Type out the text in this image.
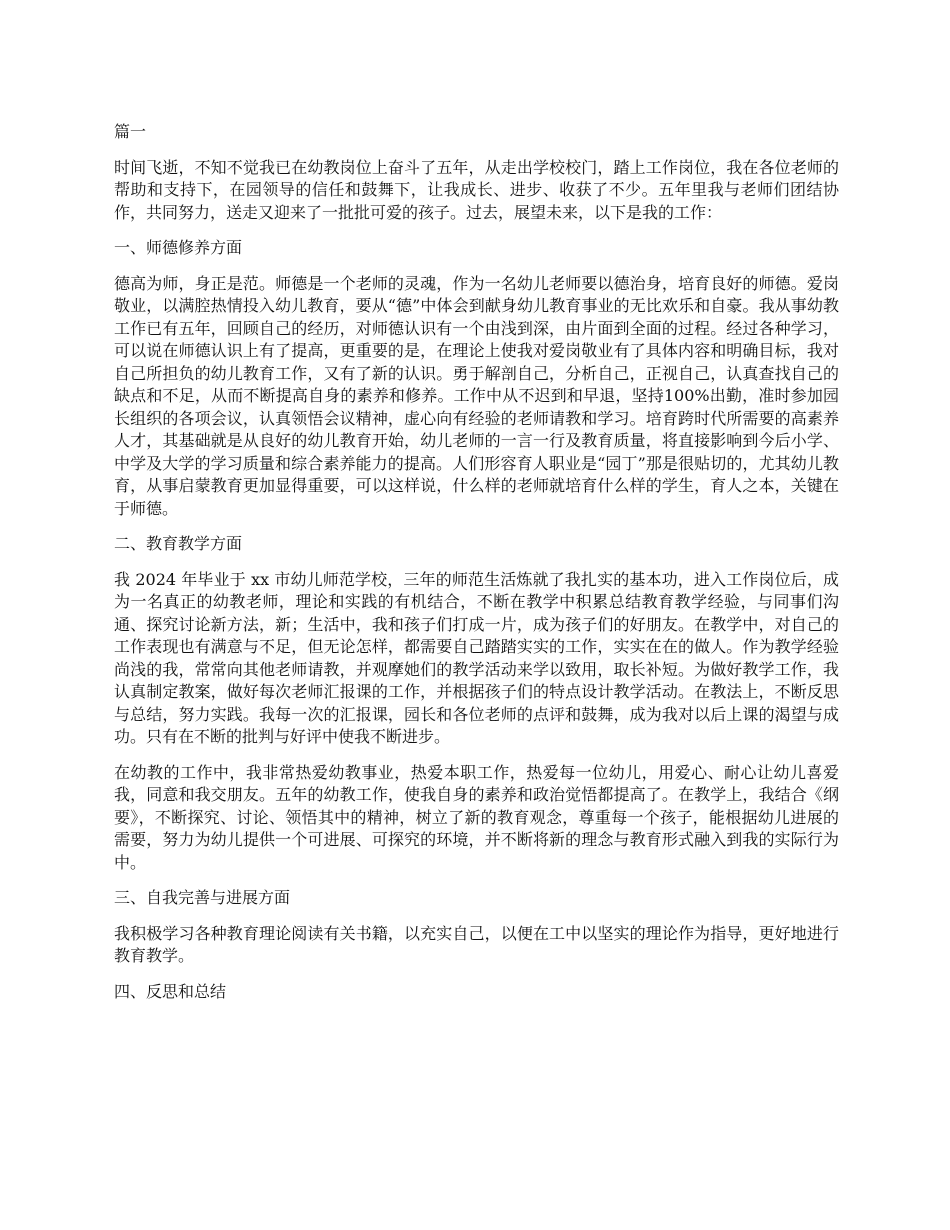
篇一
时间飞逝，不知不觉我已在幼教岗位上奋斗了五年，从走出学校校门，踏上工作岗位，我在各位老师的帮助和支持下，在园领导的信任和鼓舞下，让我成长、进步、收获了不少。五年里我与老师们团结协作，共同努力，送走又迎来了一批批可爱的孩子。过去，展望未来，以下是我的工作：
一、师德修养方面
德高为师，身正是范。师德是一个老师的灵魂，作为一名幼儿老师要以德治身，培育良好的师德。爱岗敬业，以满腔热情投入幼儿教育，要从“德”中体会到献身幼儿教育事业的无比欢乐和自豪。我从事幼教工作已有五年，回顾自己的经历，对师德认识有一个由浅到深，由片面到全面的过程。经过各种学习，可以说在师德认识上有了提高，更重要的是，在理论上使我对爱岗敬业有了具体内容和明确目标，我对自己所担负的幼儿教育工作，又有了新的认识。勇于解剖自己，分析自己，正视自己，认真查找自己的缺点和不足，从而不断提高自身的素养和修养。工作中从不迟到和早退，坚持100%出勤，准时参加园长组织的各项会议，认真领悟会议精神，虚心向有经验的老师请教和学习。培育跨时代所需要的高素养人才，其基础就是从良好的幼儿教育开始，幼儿老师的一言一行及教育质量，将直接影响到今后小学、中学及大学的学习质量和综合素养能力的提高。人们形容育人职业是“园丁”那是很贴切的，尤其幼儿教育，从事启蒙教育更加显得重要，可以这样说，什么样的老师就培育什么样的学生，育人之本，关键在于师德。
二、教育教学方面
我 2024 年毕业于 xx 市幼儿师范学校，三年的师范生活炼就了我扎实的基本功，进入工作岗位后，成为一名真正的幼教老师，理论和实践的有机结合，不断在教学中积累总结教育教学经验，与同事们沟通、探究讨论新方法，新；生活中，我和孩子们打成一片，成为孩子们的好朋友。在教学中，对自己的工作表现也有满意与不足，但无论怎样，都需要自己踏踏实实的工作，实实在在的做人。作为教学经验尚浅的我，常常向其他老师请教，并观摩她们的教学活动来学以致用，取长补短。为做好教学工作，我认真制定教案，做好每次老师汇报课的工作，并根据孩子们的特点设计教学活动。在教法上，不断反思与总结，努力实践。我每一次的汇报课，园长和各位老师的点评和鼓舞，成为我对以后上课的渴望与成功。只有在不断的批判与好评中使我不断进步。
在幼教的工作中，我非常热爱幼教事业，热爱本职工作，热爱每一位幼儿，用爱心、耐心让幼儿喜爱我，同意和我交朋友。五年的幼教工作，使我自身的素养和政治觉悟都提高了。在教学上，我结合《纲要》，不断探究、讨论、领悟其中的精神，树立了新的教育观念，尊重每一个孩子，能根据幼儿进展的需要，努力为幼儿提供一个可进展、可探究的环境，并不断将新的理念与教育形式融入到我的实际行为中。
三、自我完善与进展方面
我积极学习各种教育理论阅读有关书籍，以充实自己，以便在工中以坚实的理论作为指导，更好地进行教育教学。
四、反思和总结
